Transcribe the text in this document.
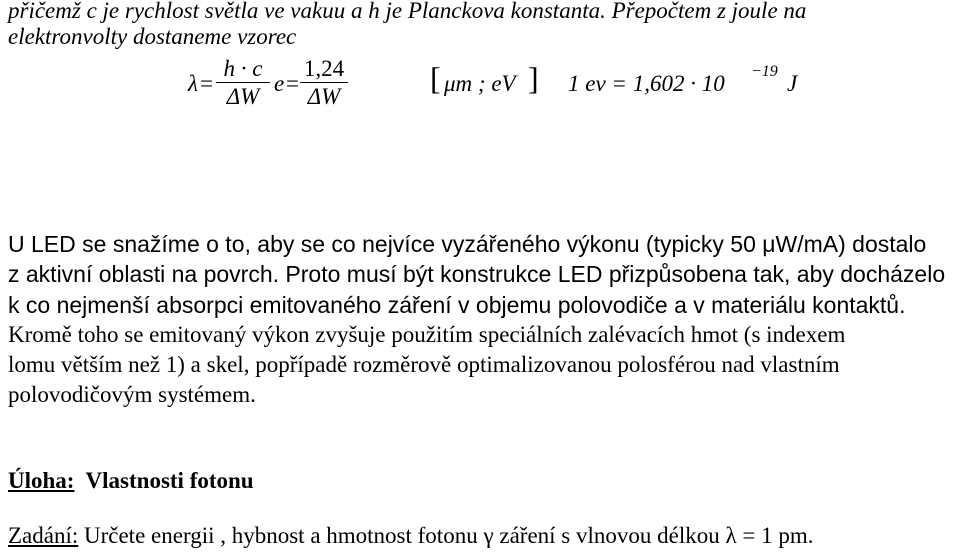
přičemž c je rychlost světla ve vakuu a h je Planckova konstanta. Přepočtem z joule na
elektronvolty dostaneme vzorec
λ =
h · c
ΔW
e =
1,24
ΔW
[ μm ; eV ] 1 ev = 1,602 · 10 −19 J
U LED se snažíme o to, aby se co nejvíce vyzářeného výkonu (typicky 50 μW/mA) dostalo
z aktivní oblasti na povrch. Proto musí být konstrukce LED přizpůsobena tak, aby docházelo
k co nejmenší absorpci emitovaného záření v objemu polovodiče a v materiálu kontaktů.
Kromě toho se emitovaný výkon zvyšuje použitím speciálních zalévacích hmot (s indexem
lomu větším než 1) a skel, popřípadě rozměrově optimalizovanou polosférou nad vlastním
polovodičovým systémem.
Úloha:  Vlastnosti fotonu
Zadání: Určete energii , hybnost a hmotnost fotonu γ záření s vlnovou délkou λ = 1 pm.
